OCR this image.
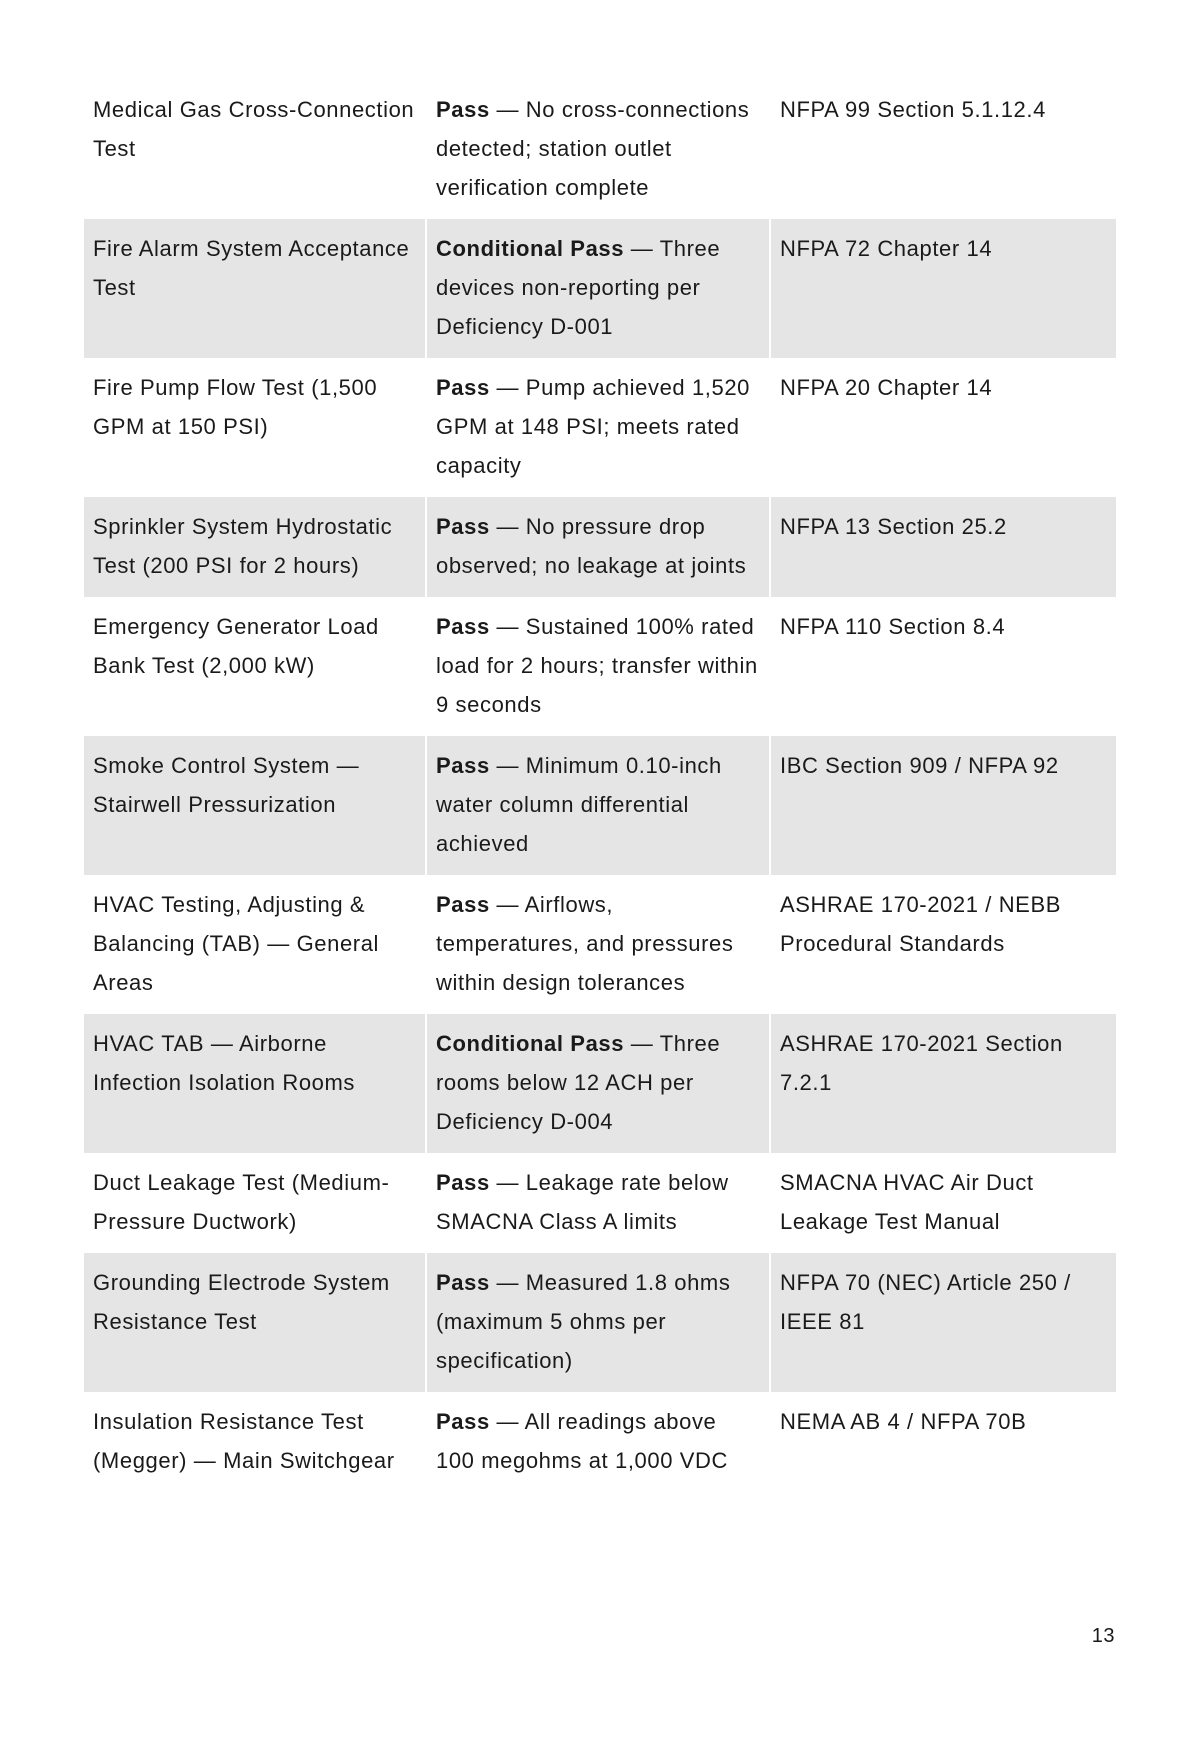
Medical Gas Cross-Connection Test	Pass — No cross-connections detected; station outlet verification complete	NFPA 99 Section 5.1.12.4
Fire Alarm System Acceptance Test	Conditional Pass — Three devices non-reporting per Deficiency D-001	NFPA 72 Chapter 14
Fire Pump Flow Test (1,500 GPM at 150 PSI)	Pass — Pump achieved 1,520 GPM at 148 PSI; meets rated capacity	NFPA 20 Chapter 14
Sprinkler System Hydrostatic Test (200 PSI for 2 hours)	Pass — No pressure drop observed; no leakage at joints	NFPA 13 Section 25.2
Emergency Generator Load Bank Test (2,000 kW)	Pass — Sustained 100% rated load for 2 hours; transfer within 9 seconds	NFPA 110 Section 8.4
Smoke Control System — Stairwell Pressurization	Pass — Minimum 0.10-inch water column differential achieved	IBC Section 909 / NFPA 92
HVAC Testing, Adjusting & Balancing (TAB) — General Areas	Pass — Airflows, temperatures, and pressures within design tolerances	ASHRAE 170-2021 / NEBB Procedural Standards
HVAC TAB — Airborne Infection Isolation Rooms	Conditional Pass — Three rooms below 12 ACH per Deficiency D-004	ASHRAE 170-2021 Section 7.2.1
Duct Leakage Test (Medium-Pressure Ductwork)	Pass — Leakage rate below SMACNA Class A limits	SMACNA HVAC Air Duct Leakage Test Manual
Grounding Electrode System Resistance Test	Pass — Measured 1.8 ohms (maximum 5 ohms per specification)	NFPA 70 (NEC) Article 250 / IEEE 81
Insulation Resistance Test (Megger) — Main Switchgear	Pass — All readings above 100 megohms at 1,000 VDC	NEMA AB 4 / NFPA 70B
13
